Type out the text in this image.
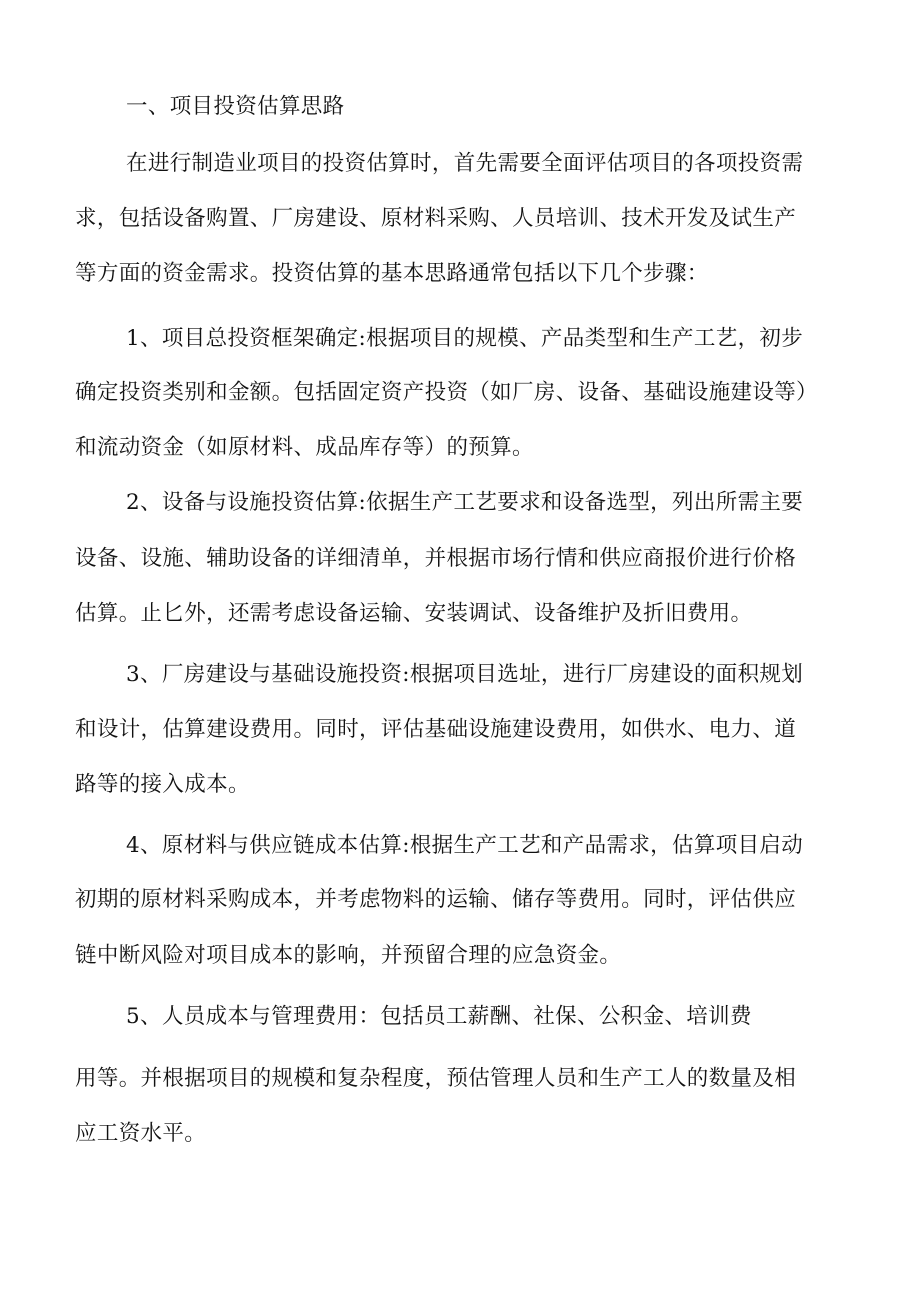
一、项目投资估算思路
在进行制造业项目的投资估算时，首先需要全面评估项目的各项投资需
求，包括设备购置、厂房建设、原材料采购、人员培训、技术开发及试生产
等方面的资金需求。投资估算的基本思路通常包括以下几个步骤：
1、项目总投资框架确定:根据项目的规模、产品类型和生产工艺，初步
确定投资类别和金额。包括固定资产投资（如厂房、设备、基础设施建设等）
和流动资金（如原材料、成品库存等）的预算。
2、设备与设施投资估算:依据生产工艺要求和设备选型，列出所需主要
设备、设施、辅助设备的详细清单，并根据市场行情和供应商报价进行价格
估算。止匕外，还需考虑设备运输、安装调试、设备维护及折旧费用。
3、厂房建设与基础设施投资:根据项目选址，进行厂房建设的面积规划
和设计，估算建设费用。同时，评估基础设施建设费用，如供水、电力、道
路等的接入成本。
4、原材料与供应链成本估算:根据生产工艺和产品需求，估算项目启动
初期的原材料采购成本，并考虑物料的运输、储存等费用。同时，评估供应
链中断风险对项目成本的影响，并预留合理的应急资金。
5、人员成本与管理费用：包括员工薪酬、社保、公积金、培训费
用等。并根据项目的规模和复杂程度，预估管理人员和生产工人的数量及相
应工资水平。
